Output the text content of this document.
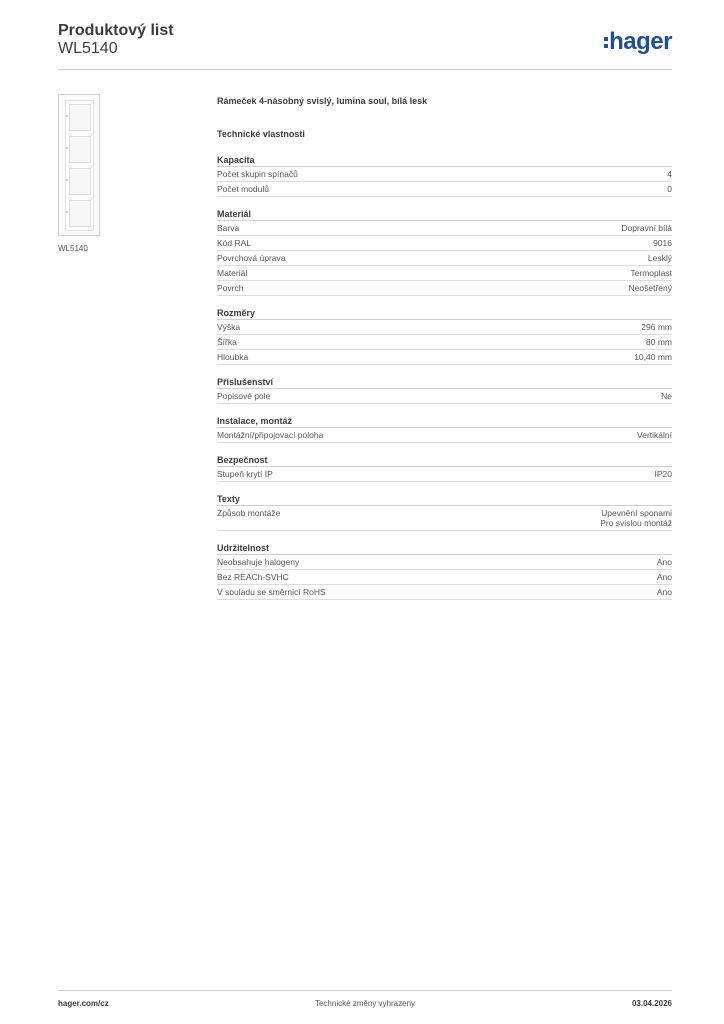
Produktový list
WL5140	hager
WL5140
Rámeček 4-násobný svislý, lumina soul, bílá lesk
Technické vlastnosti
Kapacita
Počet skupin spínačů	4
Počet modulů	0
Materiál
Barva	Dopravní bílá
Kód RAL	9016
Povrchová úprava	Lesklý
Materiál	Termoplast
Povrch	Neošetřený
Rozměry
Výška	296 mm
Šířka	80 mm
Hloubka	10,40 mm
Příslušenství
Popisové pole	Ne
Instalace, montáž
Montážní/připojovací poloha	Vertikální
Bezpečnost
Stupeň krytí IP	IP20
Texty
Způsob montáže	Upevnění sponami
Pro svislou montáž
Udržitelnost
Neobsahuje halogeny	Ano
Bez REACh-SVHC	Ano
V souladu se směrnicí RoHS	Ano
hager.com/cz	Technické změny vyhrazeny	03.04.2026
